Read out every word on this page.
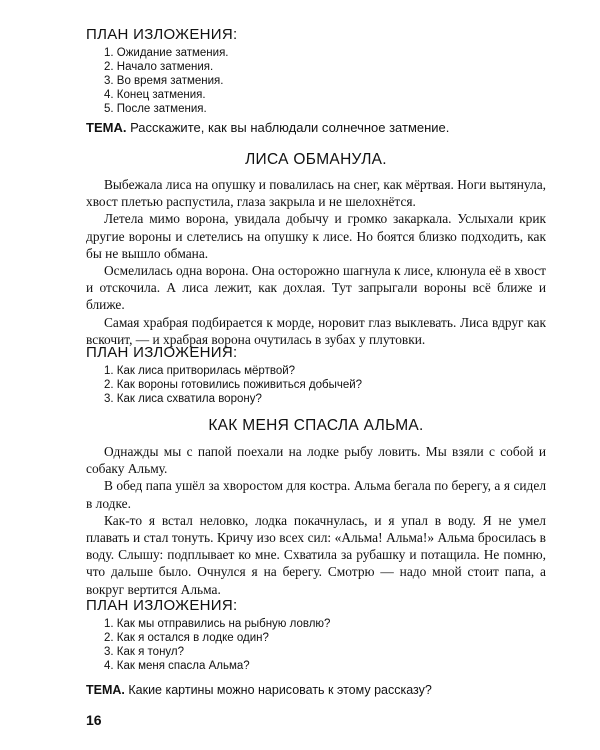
ПЛАН ИЗЛОЖЕНИЯ:

1. Ожидание затмения.
2. Начало затмения.
3. Во время затмения.
4. Конец затмения.
5. После затмения.

ТЕМА. Расскажите, как вы наблюдали солнечное затмение.

ЛИСА ОБМАНУЛА.

Выбежала лиса на опушку и повалилась на снег, как мёртвая. Ноги вытянула, хвост плетью распустила, глаза закрыла и не шелохнётся.

Летела мимо ворона, увидала добычу и громко закаркала. Услыхали крик другие вороны и слетелись на опушку к лисе. Но боятся близко подходить, как бы не вышло обмана.

Осмелилась одна ворона. Она осторожно шагнула к лисе, клюнула её в хвост и отскочила. А лиса лежит, как дохлая. Тут запрыгали вороны всё ближе и ближе.

Самая храбрая подбирается к морде, норовит глаз выклевать. Лиса вдруг как вскочит, — и храбрая ворона очутилась в зубах у плутовки.

ПЛАН ИЗЛОЖЕНИЯ:

1. Как лиса притворилась мёртвой?
2. Как вороны готовились поживиться добычей?
3. Как лиса схватила ворону?

КАК МЕНЯ СПАСЛА АЛЬМА.

Однажды мы с папой поехали на лодке рыбу ловить. Мы взяли с собой и собаку Альму.

В обед папа ушёл за хворостом для костра. Альма бегала по берегу, а я сидел в лодке.

Как-то я встал неловко, лодка покачнулась, и я упал в воду. Я не умел плавать и стал тонуть. Кричу изо всех сил: «Альма! Альма!» Альма бросилась в воду. Слышу: подплывает ко мне. Схватила за рубашку и потащила. Не помню, что дальше было. Очнулся я на берегу. Смотрю — надо мной стоит папа, а вокруг вертится Альма.

ПЛАН ИЗЛОЖЕНИЯ:

1. Как мы отправились на рыбную ловлю?
2. Как я остался в лодке один?
3. Как я тонул?
4. Как меня спасла Альма?

ТЕМА. Какие картины можно нарисовать к этому рассказу?

16
